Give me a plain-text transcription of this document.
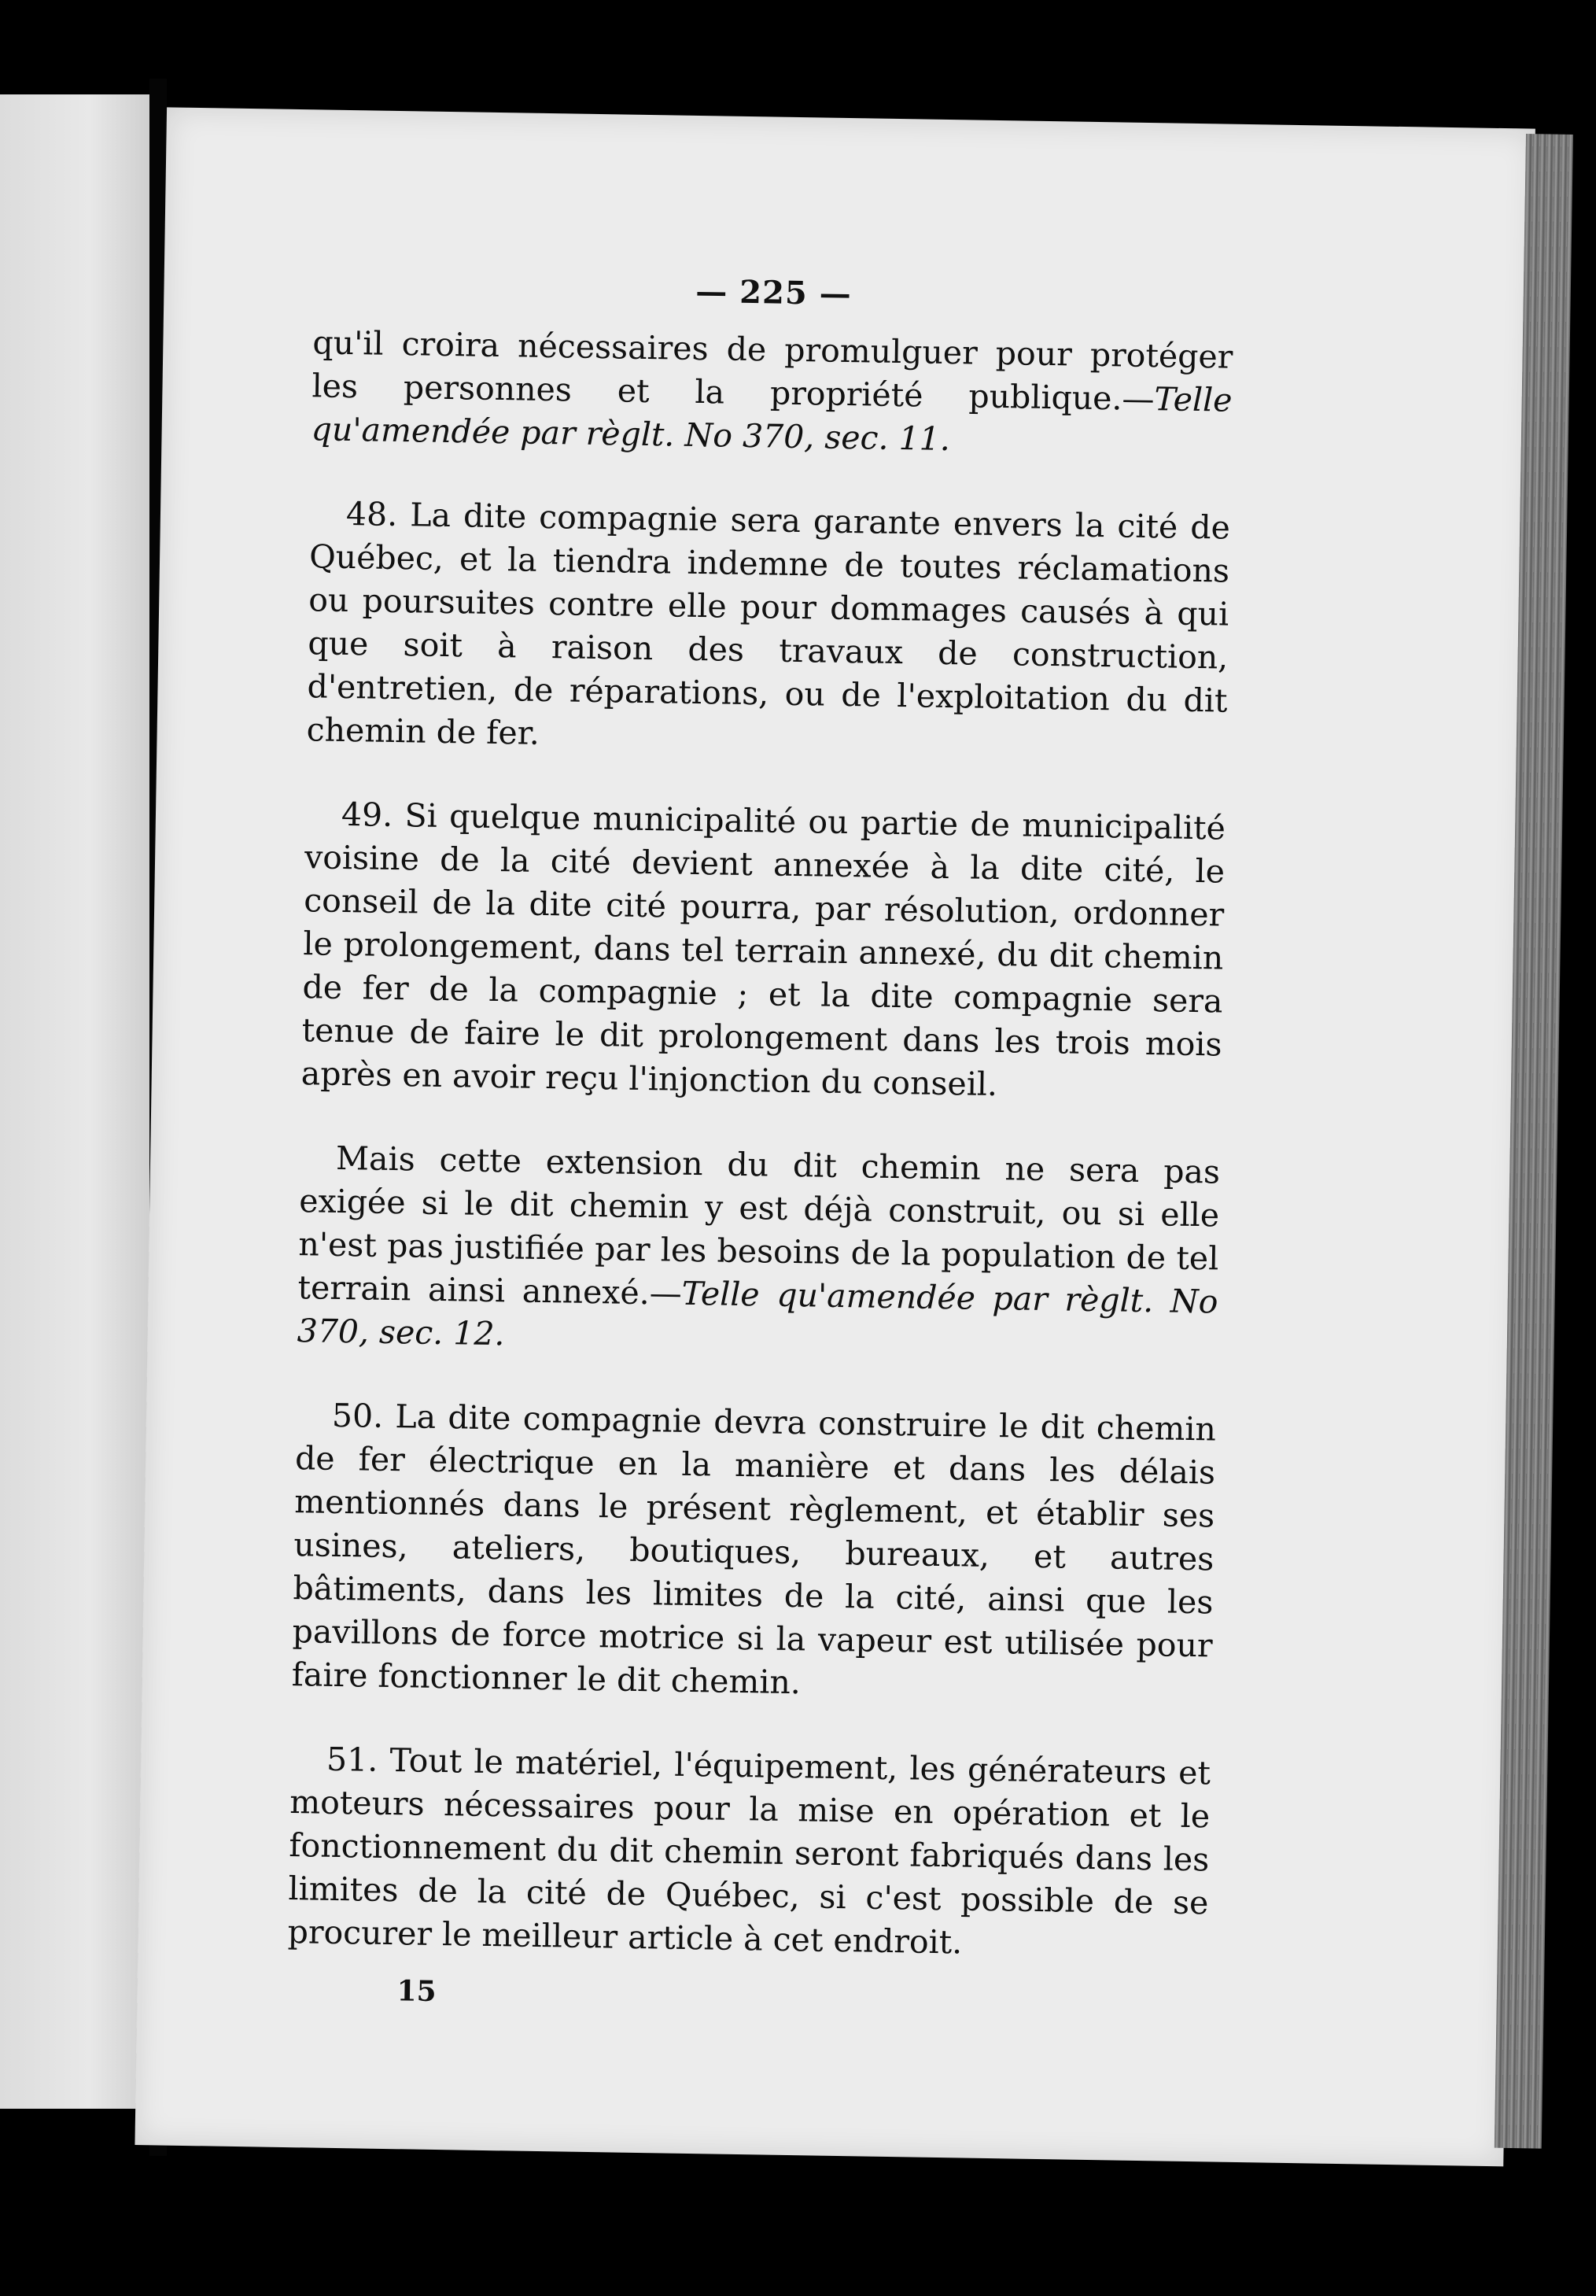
— 225 —

qu'il croira nécessaires de promulguer pour protéger les personnes et la propriété publique.—Telle qu'amendée par règlt. No 370, sec. 11.

48. La dite compagnie sera garante envers la cité de Québec, et la tiendra indemne de toutes réclamations ou poursuites contre elle pour dommages causés à qui que soit à raison des travaux de construction, d'entretien, de réparations, ou de l'exploitation du dit chemin de fer.

49. Si quelque municipalité ou partie de municipalité voisine de la cité devient annexée à la dite cité, le conseil de la dite cité pourra, par résolution, ordonner le prolongement, dans tel terrain annexé, du dit chemin de fer de la compagnie ; et la dite compagnie sera tenue de faire le dit prolongement dans les trois mois après en avoir reçu l'injonction du conseil.

Mais cette extension du dit chemin ne sera pas exigée si le dit chemin y est déjà construit, ou si elle n'est pas justifiée par les besoins de la population de tel terrain ainsi annexé.—Telle qu'amendée par règlt. No 370, sec. 12.

50. La dite compagnie devra construire le dit chemin de fer électrique en la manière et dans les délais mentionnés dans le présent règlement, et établir ses usines, ateliers, boutiques, bureaux, et autres bâtiments, dans les limites de la cité, ainsi que les pavillons de force motrice si la vapeur est utilisée pour faire fonctionner le dit chemin.

51. Tout le matériel, l'équipement, les générateurs et moteurs nécessaires pour la mise en opération et le fonctionnement du dit chemin seront fabriqués dans les limites de la cité de Québec, si c'est possible de se procurer le meilleur article à cet endroit.

15
